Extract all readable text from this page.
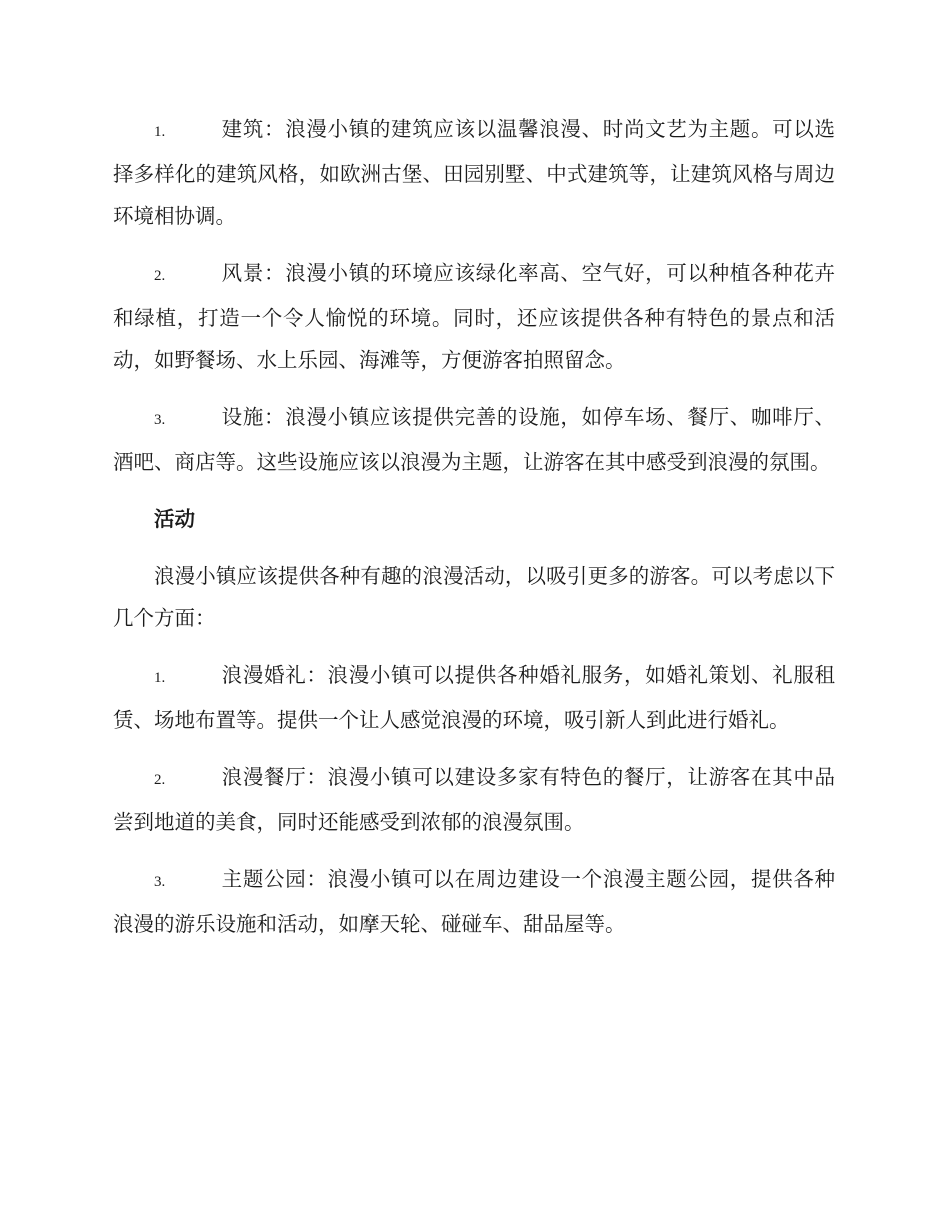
1.	建筑：浪漫小镇的建筑应该以温馨浪漫、时尚文艺为主题。可以选择多样化的建筑风格，如欧洲古堡、田园别墅、中式建筑等，让建筑风格与周边环境相协调。

2.	风景：浪漫小镇的环境应该绿化率高、空气好，可以种植各种花卉和绿植，打造一个令人愉悦的环境。同时，还应该提供各种有特色的景点和活动，如野餐场、水上乐园、海滩等，方便游客拍照留念。

3.	设施：浪漫小镇应该提供完善的设施，如停车场、餐厅、咖啡厅、酒吧、商店等。这些设施应该以浪漫为主题，让游客在其中感受到浪漫的氛围。

活动

浪漫小镇应该提供各种有趣的浪漫活动，以吸引更多的游客。可以考虑以下几个方面：

1.	浪漫婚礼：浪漫小镇可以提供各种婚礼服务，如婚礼策划、礼服租赁、场地布置等。提供一个让人感觉浪漫的环境，吸引新人到此进行婚礼。

2.	浪漫餐厅：浪漫小镇可以建设多家有特色的餐厅，让游客在其中品尝到地道的美食，同时还能感受到浓郁的浪漫氛围。

3.	主题公园：浪漫小镇可以在周边建设一个浪漫主题公园，提供各种浪漫的游乐设施和活动，如摩天轮、碰碰车、甜品屋等。
